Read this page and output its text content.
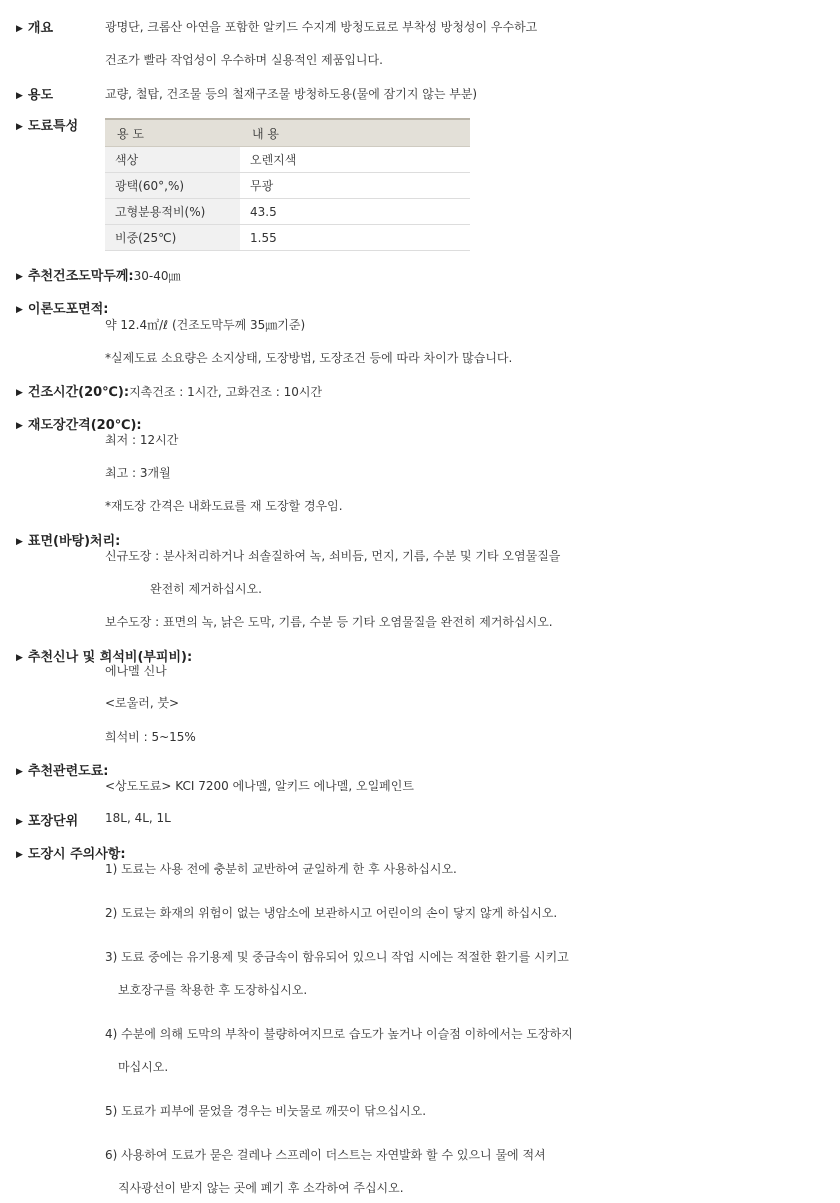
▶ 개요	광명단, 크롬산 아연을 포함한 알키드 수지계 방청도료로 부착성 방청성이 우수하고
건조가 빨라 작업성이 우수하며 실용적인 제품입니다.
▶ 용도	교량, 철탑, 건조물 등의 철재구조물 방청하도용(물에 잠기지 않는 부분)
▶ 도료특성	용 도	내 용
색상	오렌지색
광택(60°,%)	무광
고형분용적비(%)	43.5
비중(25℃)	1.55
▶ 추천건조도막두께:30-40㎛
▶ 이론도포면적:
약 12.4㎡/ℓ (건조도막두께 35㎛기준)
*실제도료 소요량은 소지상태, 도장방법, 도장조건 등에 따라 차이가 많습니다.
▶ 건조시간(20℃):지촉건조 : 1시간, 고화건조 : 10시간
▶ 재도장간격(20℃):
최저 : 12시간
최고 : 3개월
*재도장 간격은 내화도료를 재 도장할 경우임.
▶ 표면(바탕)처리:
신규도장 : 분사처리하거나 쇠솔질하여 녹, 쇠비듬, 먼지, 기름, 수분 및 기타 오염물질을
완전히 제거하십시오.
보수도장 : 표면의 녹, 낡은 도막, 기름, 수분 등 기타 오염물질을 완전히 제거하십시오.
▶ 추천신나 및 희석비(부피비):
에나멜 신나
<로울러, 붓>
희석비 : 5~15%
▶ 추천관련도료:
<상도도료> KCI 7200 에나멜, 알키드 에나멜, 오일페인트
▶ 포장단위 18L, 4L, 1L
▶ 도장시 주의사항:
1) 도료는 사용 전에 충분히 교반하여 균일하게 한 후 사용하십시오.
2) 도료는 화재의 위험이 없는 냉암소에 보관하시고 어린이의 손이 닿지 않게 하십시오.
3) 도료 중에는 유기용제 및 중금속이 함유되어 있으니 작업 시에는 적절한 환기를 시키고
보호장구를 착용한 후 도장하십시오.
4) 수분에 의해 도막의 부착이 불량하여지므로 습도가 높거나 이슬점 이하에서는 도장하지
마십시오.
5) 도료가 피부에 묻었을 경우는 비눗물로 깨끗이 닦으십시오.
6) 사용하여 도료가 묻은 걸레나 스프레이 더스트는 자연발화 할 수 있으니 물에 적셔
직사광선이 받지 않는 곳에 폐기 후 소각하여 주십시오.
